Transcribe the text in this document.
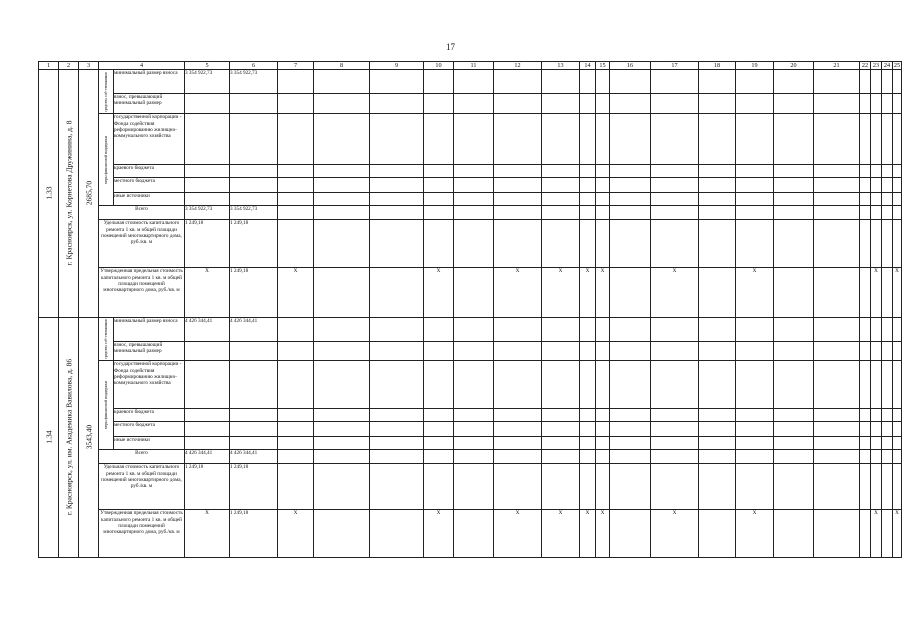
17
1	2	3	4		5	6	7	8	9	10	11	12	13	14	15	16	17	18	19	20	21	22	23	24	25

1.33	г. Красноярск, ул. Корнетова Дружинина, д. 8	2685,70	средства соб-ственников	минимальный размер взноса	3 354 922,73	3 354 922,73																			
				взнос, превышающий минимальный размер																					

			меры финансовой поддержки	государственной корпорации - Фонда содействия реформированию жилищно-коммунального хозяйства																					
				краевого бюджета																					
				местного бюджета																					
				иные источники																					
			Всего		3 354 922,73	3 354 922,73																			
			Удельная стоимость капитального ремонта 1 кв. м общей площади помещений многоквартирного дома, руб./кв. м		1 249,18	1 249,18																			
			Утвержденная предельная стоимость капитального ремонта 1 кв. м общей площади помещений многоквартирного дома, руб./кв. м		X	1 249,18	X			X		X	X	X	X		X		X				X		X

1.34	г. Красноярск, ул. им. Академика Вавилова, д. 86	3543,40	средства соб-ственников	минимальный размер взноса	4 426 344,41	4 426 344,41																			
				взнос, превышающий минимальный размер																					

			меры финансовой поддержки	государственной корпорации - Фонда содействия реформированию жилищно-коммунального хозяйства																					
				краевого бюджета																					
				местного бюджета																					
				иные источники																					
			Всего		4 426 344,41	4 426 344,41																			
			Удельная стоимость капитального ремонта 1 кв. м общей площади помещений многоквартирного дома, руб./кв. м		1 249,18	1 249,18																			
			Утвержденная предельная стоимость капитального ремонта 1 кв. м общей площади помещений многоквартирного дома, руб./кв. м		X	1 249,18	X			X		X	X	X	X		X		X				X		X
